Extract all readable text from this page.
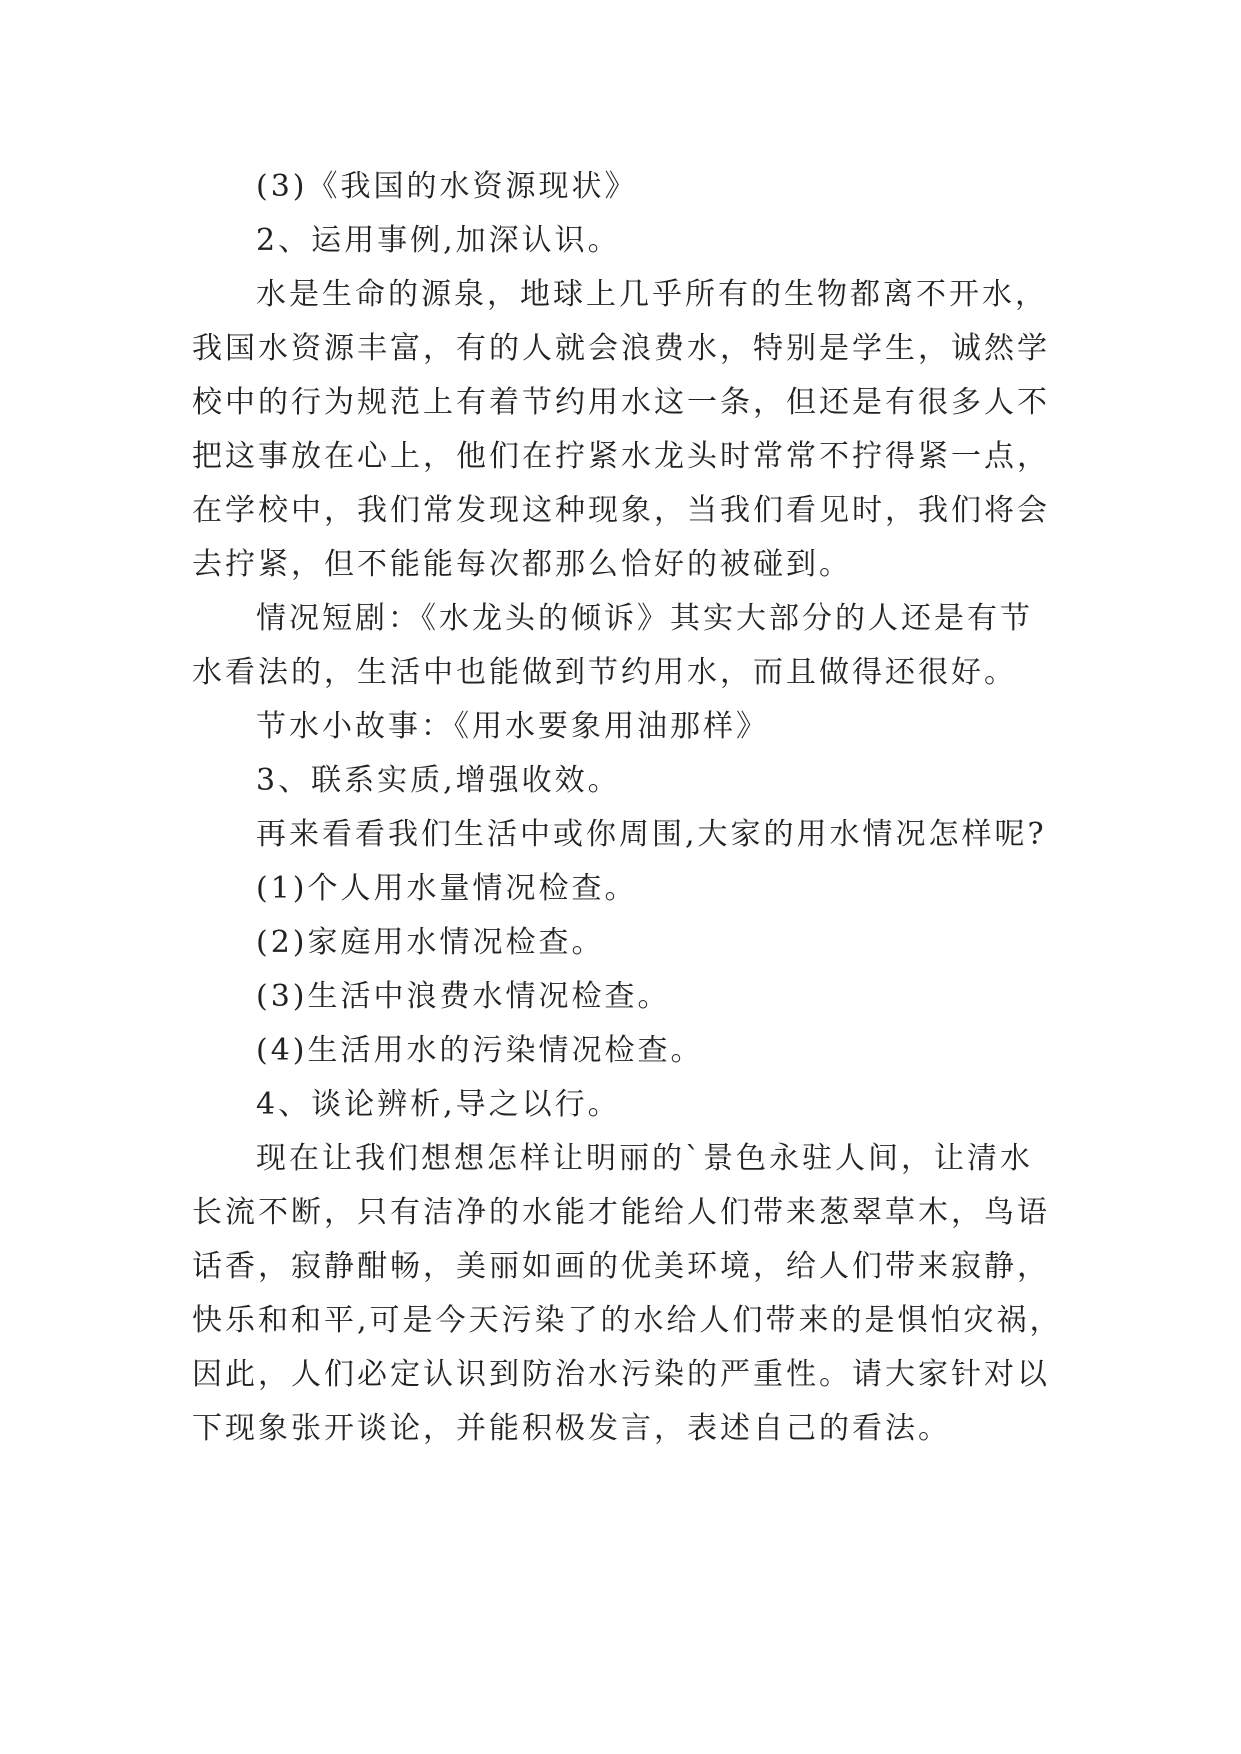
(3)《我国的水资源现状》

2、运用事例,加深认识。

水是生命的源泉，地球上几乎所有的生物都离不开水，

我国水资源丰富，有的人就会浪费水，特别是学生，诚然学

校中的行为规范上有着节约用水这一条，但还是有很多人不

把这事放在心上，他们在拧紧水龙头时常常不拧得紧一点，

在学校中，我们常发现这种现象，当我们看见时，我们将会

去拧紧，但不能能每次都那么恰好的被碰到。

情况短剧：《水龙头的倾诉》其实大部分的人还是有节

水看法的，生活中也能做到节约用水，而且做得还很好。

节水小故事：《用水要象用油那样》

3、联系实质,增强收效。

再来看看我们生活中或你周围,大家的用水情况怎样呢?

(1)个人用水量情况检查。

(2)家庭用水情况检查。

(3)生活中浪费水情况检查。

(4)生活用水的污染情况检查。

4、谈论辨析,导之以行。

现在让我们想想怎样让明丽的`景色永驻人间，让清水

长流不断，只有洁净的水能才能给人们带来葱翠草木，鸟语

话香，寂静酣畅，美丽如画的优美环境，给人们带来寂静，

快乐和和平,可是今天污染了的水给人们带来的是惧怕灾祸，

因此，人们必定认识到防治水污染的严重性。请大家针对以

下现象张开谈论，并能积极发言，表述自己的看法。
